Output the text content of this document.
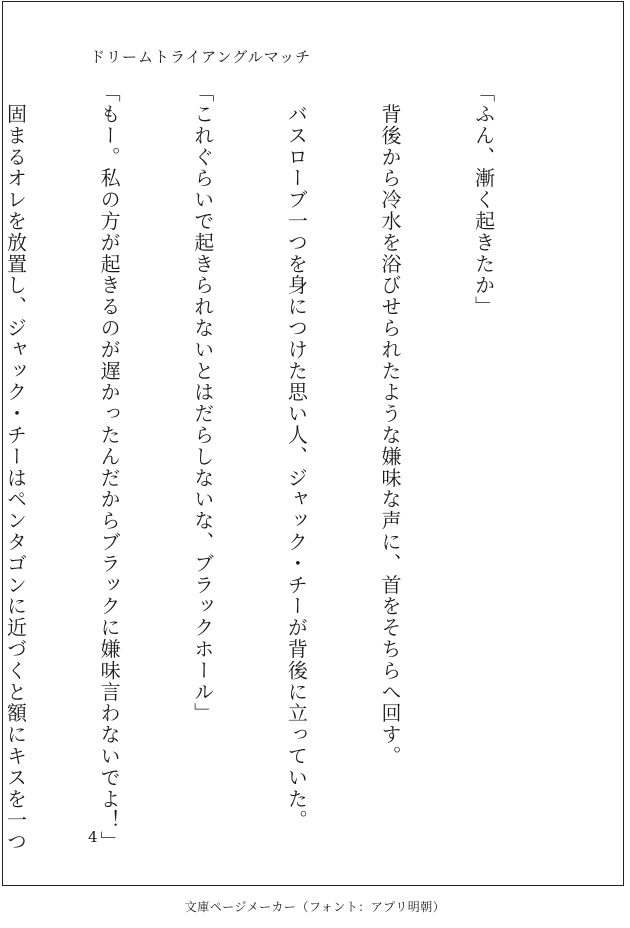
ドリームトライアングルマッチ

「ふん、漸く起きたか」

　背後から冷水を浴びせられたような嫌味な声に、首をそちらへ回す。

　バスローブ一つを身につけた思い人、ジャック・チーが背後に立っていた。

「これぐらいで起きられないとはだらしないな、ブラックホール」

「もー。私の方が起きるのが遅かったんだからブラックに嫌味言わないでよ！」

　固まるオレを放置し、ジャック・チーはペンタゴンに近づくと額にキスを一つ

	4
文庫ページメーカー（フォント：アプリ明朝）
